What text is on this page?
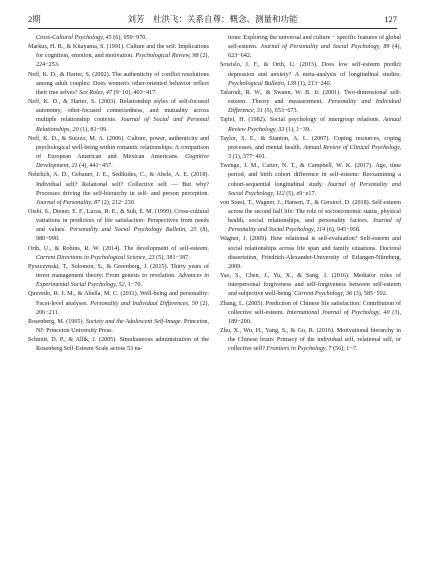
2期	刘芳　杜洪飞：关系自尊：概念、测量和功能	127

Cross-Cultural Psychology, 45 (6), 959−970.

Markus, H. R., & Kitayama, S. (1991). Culture and the self: Implications for cognition, emotion, and motivation. Psychological Review, 98 (2), 224−253.

Neff, K. D., & Harter, S. (2002). The authenticity of conflict resolutions among adult couples: Does women's other-oriented behavior reflect their true selves? Sex Roles, 47 (9−10), 403−417.

Neff, K. D., & Harter, S. (2003). Relationship styles of self-focused autonomy, other-focused connectedness, and mutuality across multiple relationship contexts. Journal of Social and Personal Relationships, 20 (1), 81−99.

Neff, K. D., & Suizzo, M. A. (2006). Culture, power, authenticity and psychological well-being within romantic relationships: A comparison of European American and Mexican Americans. Cognitive Development, 21 (4), 441−457.

Nehrlich, A. D., Gebauer, J. E., Sedikides, C., & Abele, A. E. (2018). Individual self? Relational self? Collective self — But why? Processes driving the self-hierarchy in self- and person perception. Journal of Personality, 87 (2), 212−230.

Oishi, S., Diener, E. F., Lucas, R. E., & Suh, E. M. (1999). Cross-cultural variations in predictors of life satisfaction: Perspectives from needs and values. Personality and Social Psychology Bulletin, 25 (8), 980−990.

Orth, U., & Robins, R. W. (2014). The development of self-esteem. Current Directions in Psychological Science, 23 (5), 381−387.

Pyszczynski, T., Solomon, S., & Greenberg, J. (2015). Thirty years of terror management theory: From genesis to revelation. Advances in Experimental Social Psychology, 52, 1−70.

Quevedo, R. J. M., & Abella, M. C. (2011). Well-being and personality: Facet-level analyses. Personality and Individual Differences, 50 (2), 206−211.

Rosenberg, M. (1965). Society and the Adolescent Self-Image. Princeton, NJ: Princeton University Press.

Schmitt, D. P., & Allik, J. (2005). Simultaneous administration of the Rosenberg Self-Esteem Scale across 53 na-

tions: Exploring the universal and culture − specific features of global self-esteem. Journal of Personality and Social Psychology, 89 (4), 623−642.

Sowislo, J. F., & Orth, U. (2013). Does low self-esteem predict depression and anxiety? A meta-analysis of longitudinal studies. Psychological Bulletin, 139 (1), 213−240.

Tafarodi, R. W., & Swann, W. B. Jr. (2001). Two-dimensional self-esteem: Theory and measurement. Personality and Individual Difference, 31 (5), 653−673.

Tajfel, H. (1982). Social psychology of intergroup relations. Annual Review Psychology, 33 (1), 1−39.

Taylor, S. E., & Stanton, A. L. (2007). Coping resources, coping processes, and mental health. Annual Review of Clinical Psychology, 3 (1), 377−401.

Twenge, J. M., Carter, N. T., & Campbell, W. K. (2017). Age, time period, and birth cohort difference in self-esteem: Reexamining a cohort-sequential longitudinal study. Journal of Personality and Social Psychology, 112 (5), e9−e17.

von Soest, T., Wagner, J., Hansen, T., & Gerstorf, D. (2018). Self-esteem across the second half life: The role of socioeconomic status, physical health, social relationships, and personality factors. Journal of Personality and Social Psychology, 114 (6), 945−958.

Wagner, J. (2009). How relational is self-evaluation? Self-esteem and social relationships across life span and family situations. Doctoral dissertation, Friedrich-Alexander-University of Erlangen-Nürnberg, 2009.

Yao, S., Chen, J., Yu, X., & Sang, J. (2016). Mediator roles of interpersonal forgiveness and self-forgiveness between self-esteem and subjective well-being. Current Psychology, 36 (3), 585−592.

Zhang, L. (2005). Prediction of Chinese life satisfaction: Contribution of collective self-esteem. International Journal of Psychology, 40 (3), 189−200.

Zhu, X., Wu, H., Yang, S., & Gu, R. (2016). Motivational hierarchy in the Chinese brain: Primacy of the individual self, relational self, or collective self? Frontiers in Psychology, 7 (56), 1−7.
